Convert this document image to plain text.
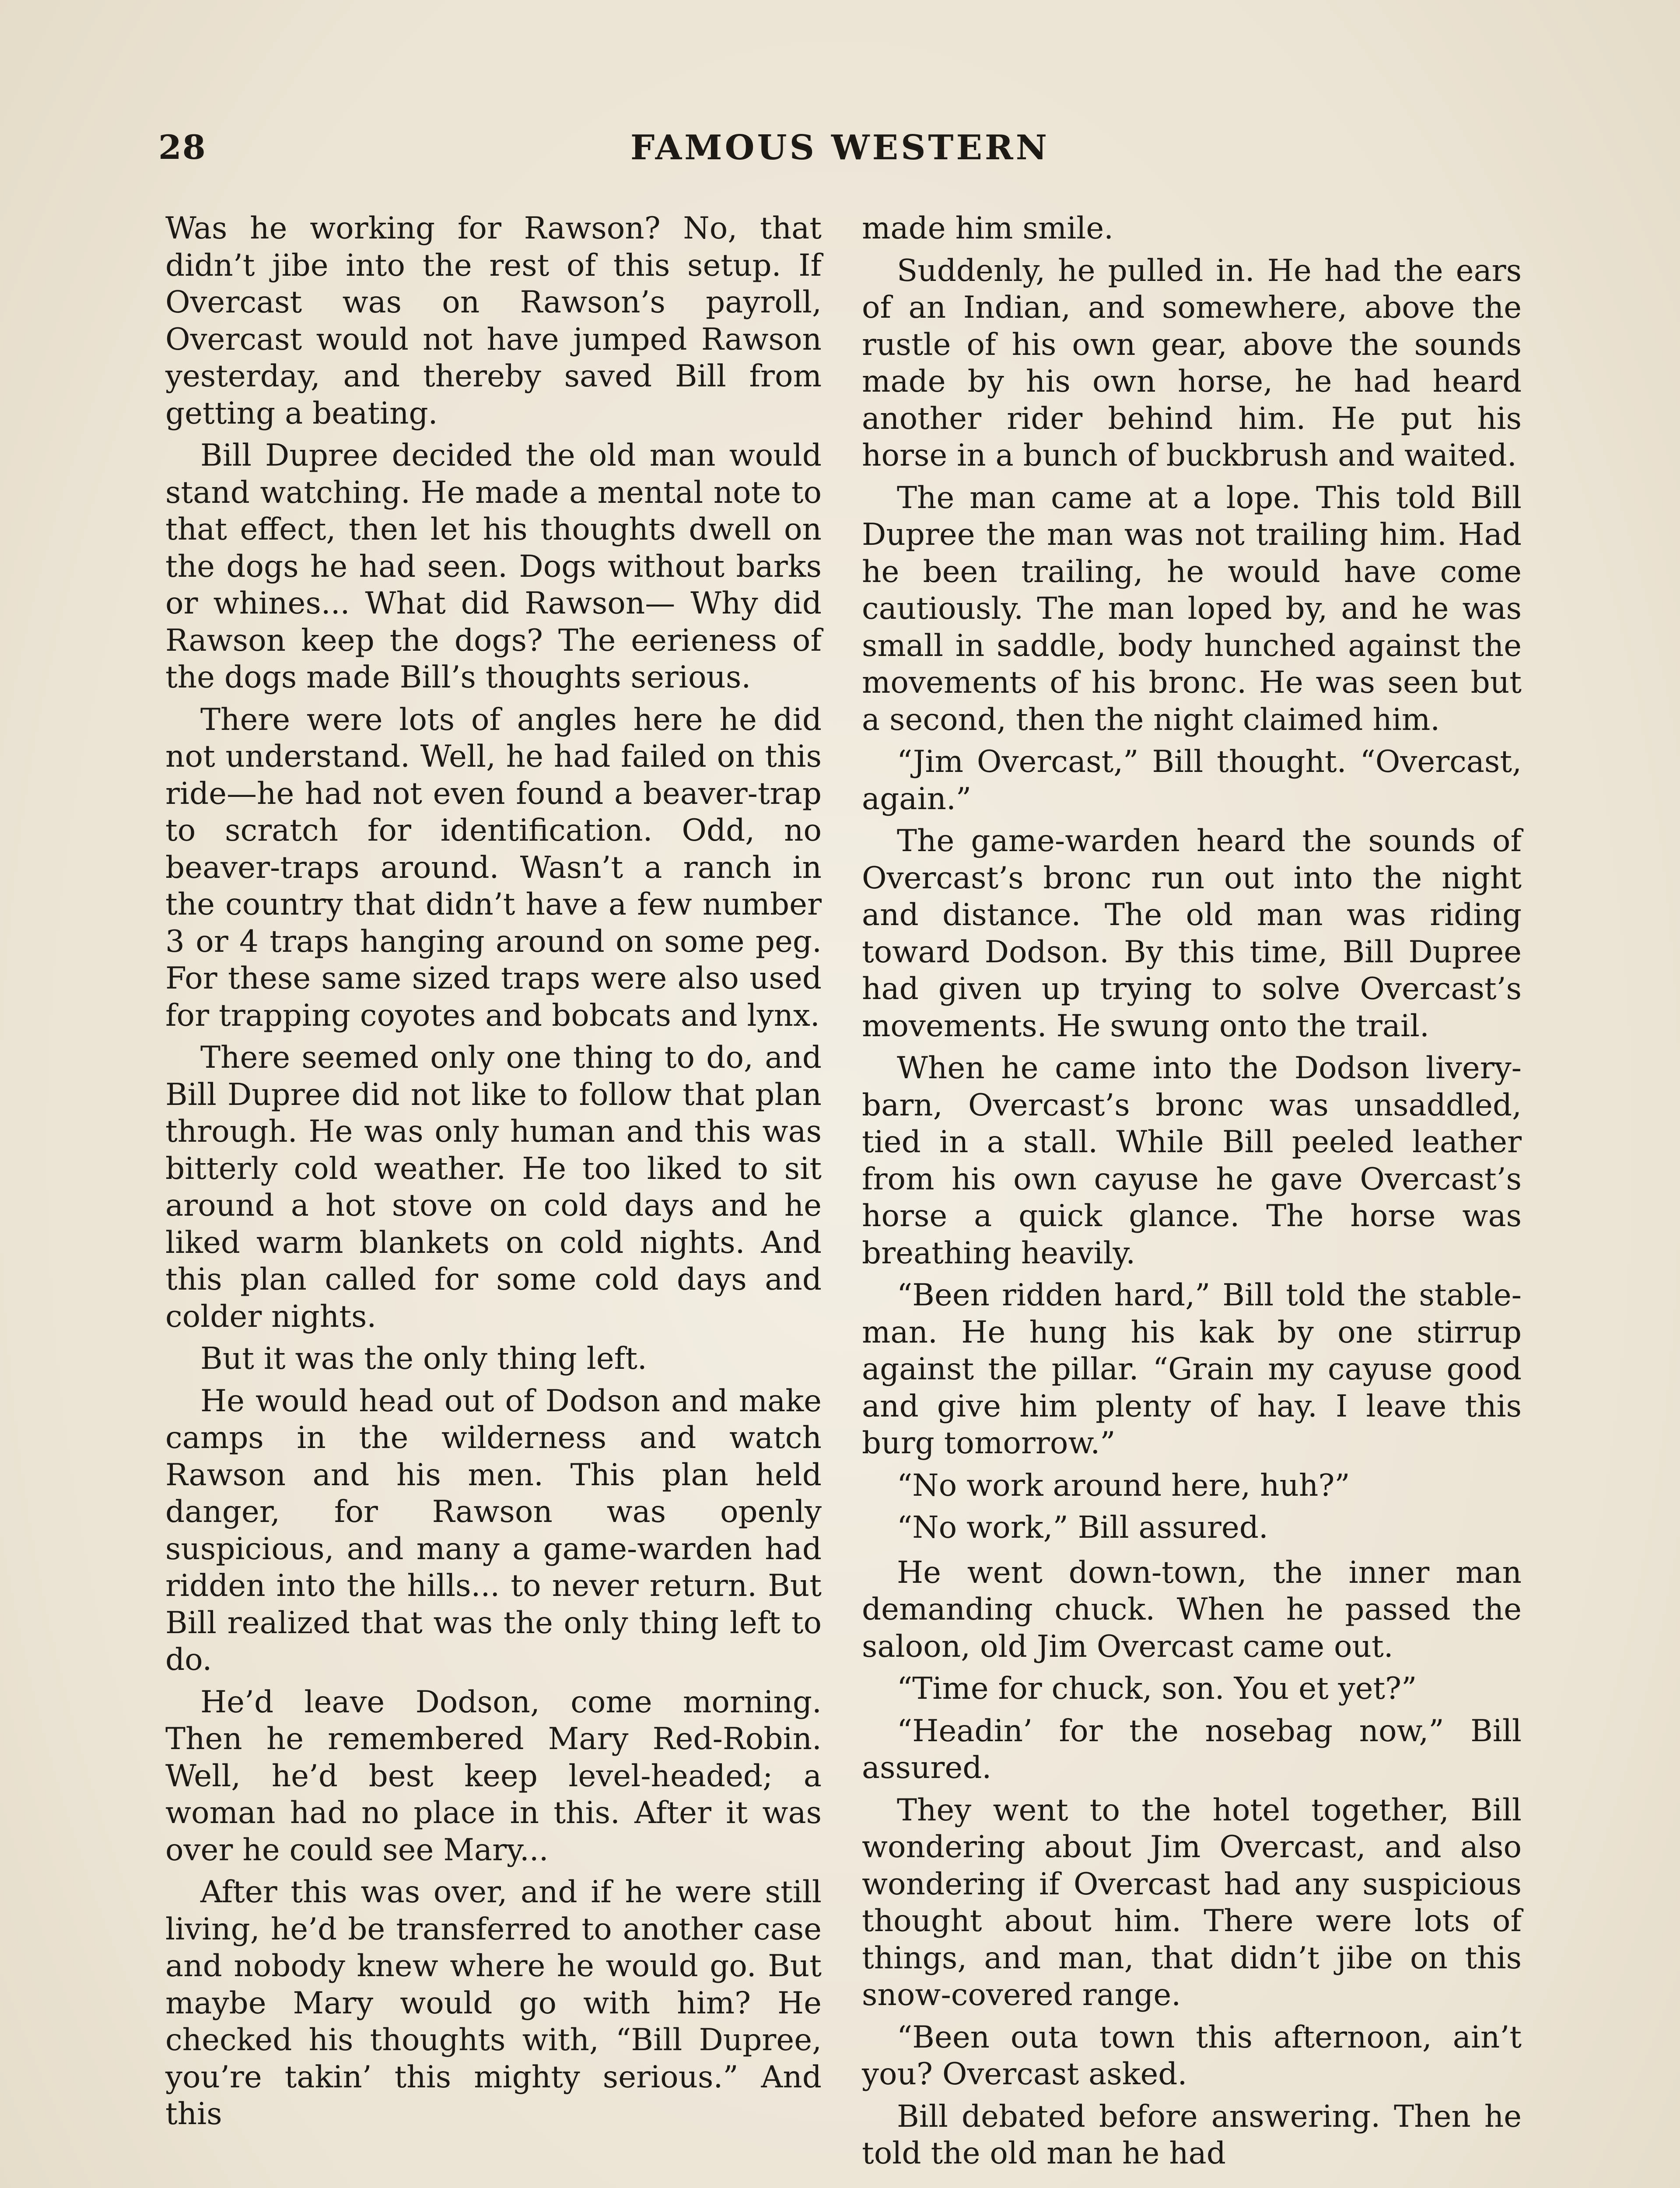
28	FAMOUS WESTERN

Was he working for Rawson? No, that didn’t jibe into the rest of this setup. If Overcast was on Rawson’s payroll, Overcast would not have jumped Rawson yesterday, and thereby saved Bill from getting a beating.

Bill Dupree decided the old man would stand watching. He made a mental note to that effect, then let his thoughts dwell on the dogs he had seen. Dogs without barks or whines... What did Rawson— Why did Rawson keep the dogs? The eerieness of the dogs made Bill’s thoughts serious.

There were lots of angles here he did not understand. Well, he had failed on this ride—he had not even found a beaver-trap to scratch for identification. Odd, no beaver-traps around. Wasn’t a ranch in the country that didn’t have a few number 3 or 4 traps hanging around on some peg. For these same sized traps were also used for trapping coyotes and bobcats and lynx.

There seemed only one thing to do, and Bill Dupree did not like to follow that plan through. He was only human and this was bitterly cold weather. He too liked to sit around a hot stove on cold days and he liked warm blankets on cold nights. And this plan called for some cold days and colder nights.

But it was the only thing left.

He would head out of Dodson and make camps in the wilderness and watch Rawson and his men. This plan held danger, for Rawson was openly suspicious, and many a game-warden had ridden into the hills... to never return. But Bill realized that was the only thing left to do.

He’d leave Dodson, come morning. Then he remembered Mary Red-Robin. Well, he’d best keep level-headed; a woman had no place in this. After it was over he could see Mary...

After this was over, and if he were still living, he’d be transferred to another case and nobody knew where he would go. But maybe Mary would go with him? He checked his thoughts with, “Bill Dupree, you’re takin’ this mighty serious.” And this

made him smile.

Suddenly, he pulled in. He had the ears of an Indian, and somewhere, above the rustle of his own gear, above the sounds made by his own horse, he had heard another rider behind him. He put his horse in a bunch of buckbrush and waited.

The man came at a lope. This told Bill Dupree the man was not trailing him. Had he been trailing, he would have come cautiously. The man loped by, and he was small in saddle, body hunched against the movements of his bronc. He was seen but a second, then the night claimed him.

“Jim Overcast,” Bill thought. “Overcast, again.”

The game-warden heard the sounds of Overcast’s bronc run out into the night and distance. The old man was riding toward Dodson. By this time, Bill Dupree had given up trying to solve Overcast’s movements. He swung onto the trail.

When he came into the Dodson livery-barn, Overcast’s bronc was unsaddled, tied in a stall. While Bill peeled leather from his own cayuse he gave Overcast’s horse a quick glance. The horse was breathing heavily.

“Been ridden hard,” Bill told the stable-man. He hung his kak by one stirrup against the pillar. “Grain my cayuse good and give him plenty of hay. I leave this burg tomorrow.”

“No work around here, huh?”

“No work,” Bill assured.

He went down-town, the inner man demanding chuck. When he passed the saloon, old Jim Overcast came out.

“Time for chuck, son. You et yet?”

“Headin’ for the nosebag now,” Bill assured.

They went to the hotel together, Bill wondering about Jim Overcast, and also wondering if Overcast had any suspicious thought about him. There were lots of things, and man, that didn’t jibe on this snow-covered range.

“Been outa town this afternoon, ain’t you? Overcast asked.

Bill debated before answering. Then he told the old man he had
